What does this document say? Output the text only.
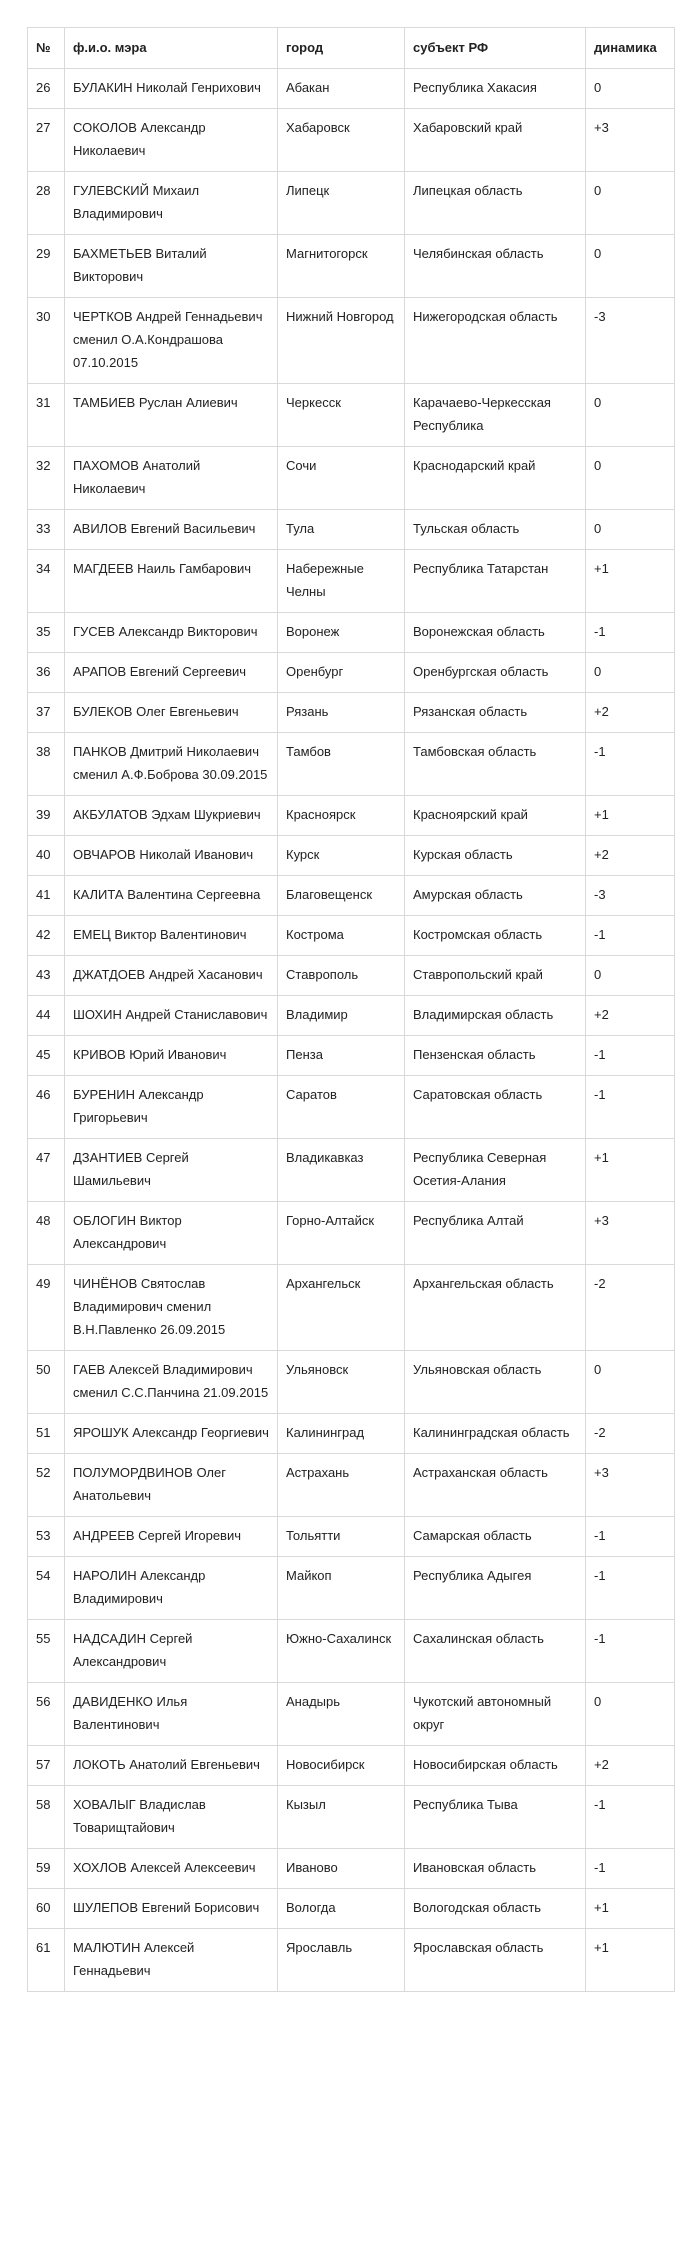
№	ф.и.о. мэра	город	субъект РФ	динамика
26	БУЛАКИН Николай Генрихович	Абакан	Республика Хакасия	0
27	СОКОЛОВ Александр Николаевич	Хабаровск	Хабаровский край	+3
28	ГУЛЕВСКИЙ Михаил Владимирович	Липецк	Липецкая область	0
29	БАХМЕТЬЕВ Виталий Викторович	Магнитогорск	Челябинская область	0
30	ЧЕРТКОВ Андрей Геннадьевич сменил О.А.Кондрашова 07.10.2015	Нижний Новгород	Нижегородская область	-3
31	ТАМБИЕВ Руслан Алиевич	Черкесск	Карачаево-Черкесская Республика	0
32	ПАХОМОВ Анатолий Николаевич	Сочи	Краснодарский край	0
33	АВИЛОВ Евгений Васильевич	Тула	Тульская область	0
34	МАГДЕЕВ Наиль Гамбарович	Набережные Челны	Республика Татарстан	+1
35	ГУСЕВ Александр Викторович	Воронеж	Воронежская область	-1
36	АРАПОВ Евгений Сергеевич	Оренбург	Оренбургская область	0
37	БУЛЕКОВ Олег Евгеньевич	Рязань	Рязанская область	+2
38	ПАНКОВ Дмитрий Николаевич сменил А.Ф.Боброва 30.09.2015	Тамбов	Тамбовская область	-1
39	АКБУЛАТОВ Эдхам Шукриевич	Красноярск	Красноярский край	+1
40	ОВЧАРОВ Николай Иванович	Курск	Курская область	+2
41	КАЛИТА Валентина Сергеевна	Благовещенск	Амурская область	-3
42	ЕМЕЦ Виктор Валентинович	Кострома	Костромская область	-1
43	ДЖАТДОЕВ Андрей Хасанович	Ставрополь	Ставропольский край	0
44	ШОХИН Андрей Станиславович	Владимир	Владимирская область	+2
45	КРИВОВ Юрий Иванович	Пенза	Пензенская область	-1
46	БУРЕНИН Александр Григорьевич	Саратов	Саратовская область	-1
47	ДЗАНТИЕВ Сергей Шамильевич	Владикавказ	Республика Северная Осетия-Алания	+1
48	ОБЛОГИН Виктор Александрович	Горно-Алтайск	Республика Алтай	+3
49	ЧИНЁНОВ Святослав Владимирович сменил В.Н.Павленко 26.09.2015	Архангельск	Архангельская область	-2
50	ГАЕВ Алексей Владимирович сменил С.С.Панчина 21.09.2015	Ульяновск	Ульяновская область	0
51	ЯРОШУК Александр Георгиевич	Калининград	Калининградская область	-2
52	ПОЛУМОРДВИНОВ Олег Анатольевич	Астрахань	Астраханская область	+3
53	АНДРЕЕВ Сергей Игоревич	Тольятти	Самарская область	-1
54	НАРОЛИН Александр Владимирович	Майкоп	Республика Адыгея	-1
55	НАДСАДИН Сергей Александрович	Южно-Сахалинск	Сахалинская область	-1
56	ДАВИДЕНКО Илья Валентинович	Анадырь	Чукотский автономный округ	0
57	ЛОКОТЬ Анатолий Евгеньевич	Новосибирск	Новосибирская область	+2
58	ХОВАЛЫГ Владислав Товарищтайович	Кызыл	Республика Тыва	-1
59	ХОХЛОВ Алексей Алексеевич	Иваново	Ивановская область	-1
60	ШУЛЕПОВ Евгений Борисович	Вологда	Вологодская область	+1
61	МАЛЮТИН Алексей Геннадьевич	Ярославль	Ярославская область	+1
